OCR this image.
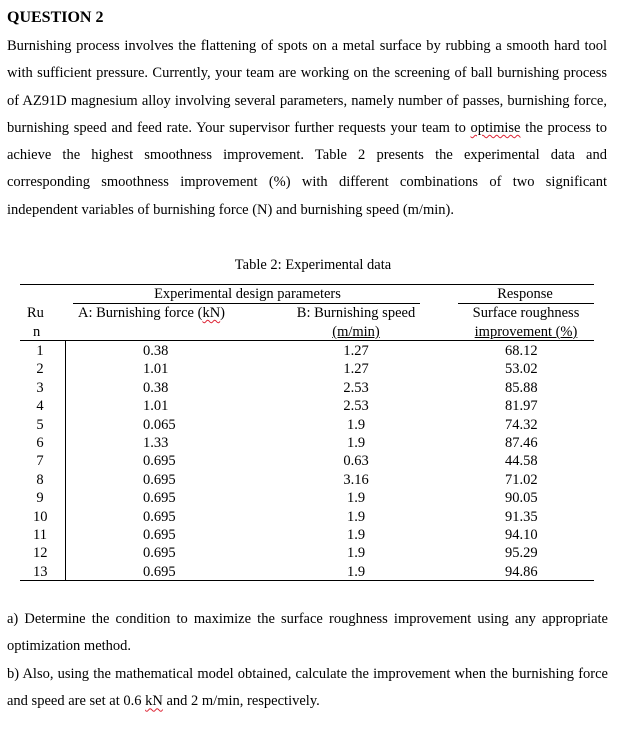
QUESTION 2
Burnishing process involves the flattening of spots on a metal surface by rubbing a smooth hard tool with sufficient pressure. Currently, your team are working on the screening of ball burnishing process of AZ91D magnesium alloy involving several parameters, namely number of passes, burnishing force, burnishing speed and feed rate. Your supervisor further requests your team to optimise the process to achieve the highest smoothness improvement. Table 2 presents the experimental data and corresponding smoothness improvement (%) with different combinations of two significant independent variables of burnishing force (N) and burnishing speed (m/min).
Table 2: Experimental data
Experimental design parameters	Response
Ru
n
A: Burnishing force (kN)	B: Burnishing speed
(m/min)
Surface roughness
improvement (%)
1	0.38	1.27	68.12
2	1.01	1.27	53.02
3	0.38	2.53	85.88
4	1.01	2.53	81.97
5	0.065	1.9	74.32
6	1.33	1.9	87.46
7	0.695	0.63	44.58
8	0.695	3.16	71.02
9	0.695	1.9	90.05
10	0.695	1.9	91.35
11	0.695	1.9	94.10
12	0.695	1.9	95.29
13	0.695	1.9	94.86
a) Determine the condition to maximize the surface roughness improvement using any appropriate optimization method.
b) Also, using the mathematical model obtained, calculate the improvement when the burnishing force and speed are set at 0.6 kN and 2 m/min, respectively.
